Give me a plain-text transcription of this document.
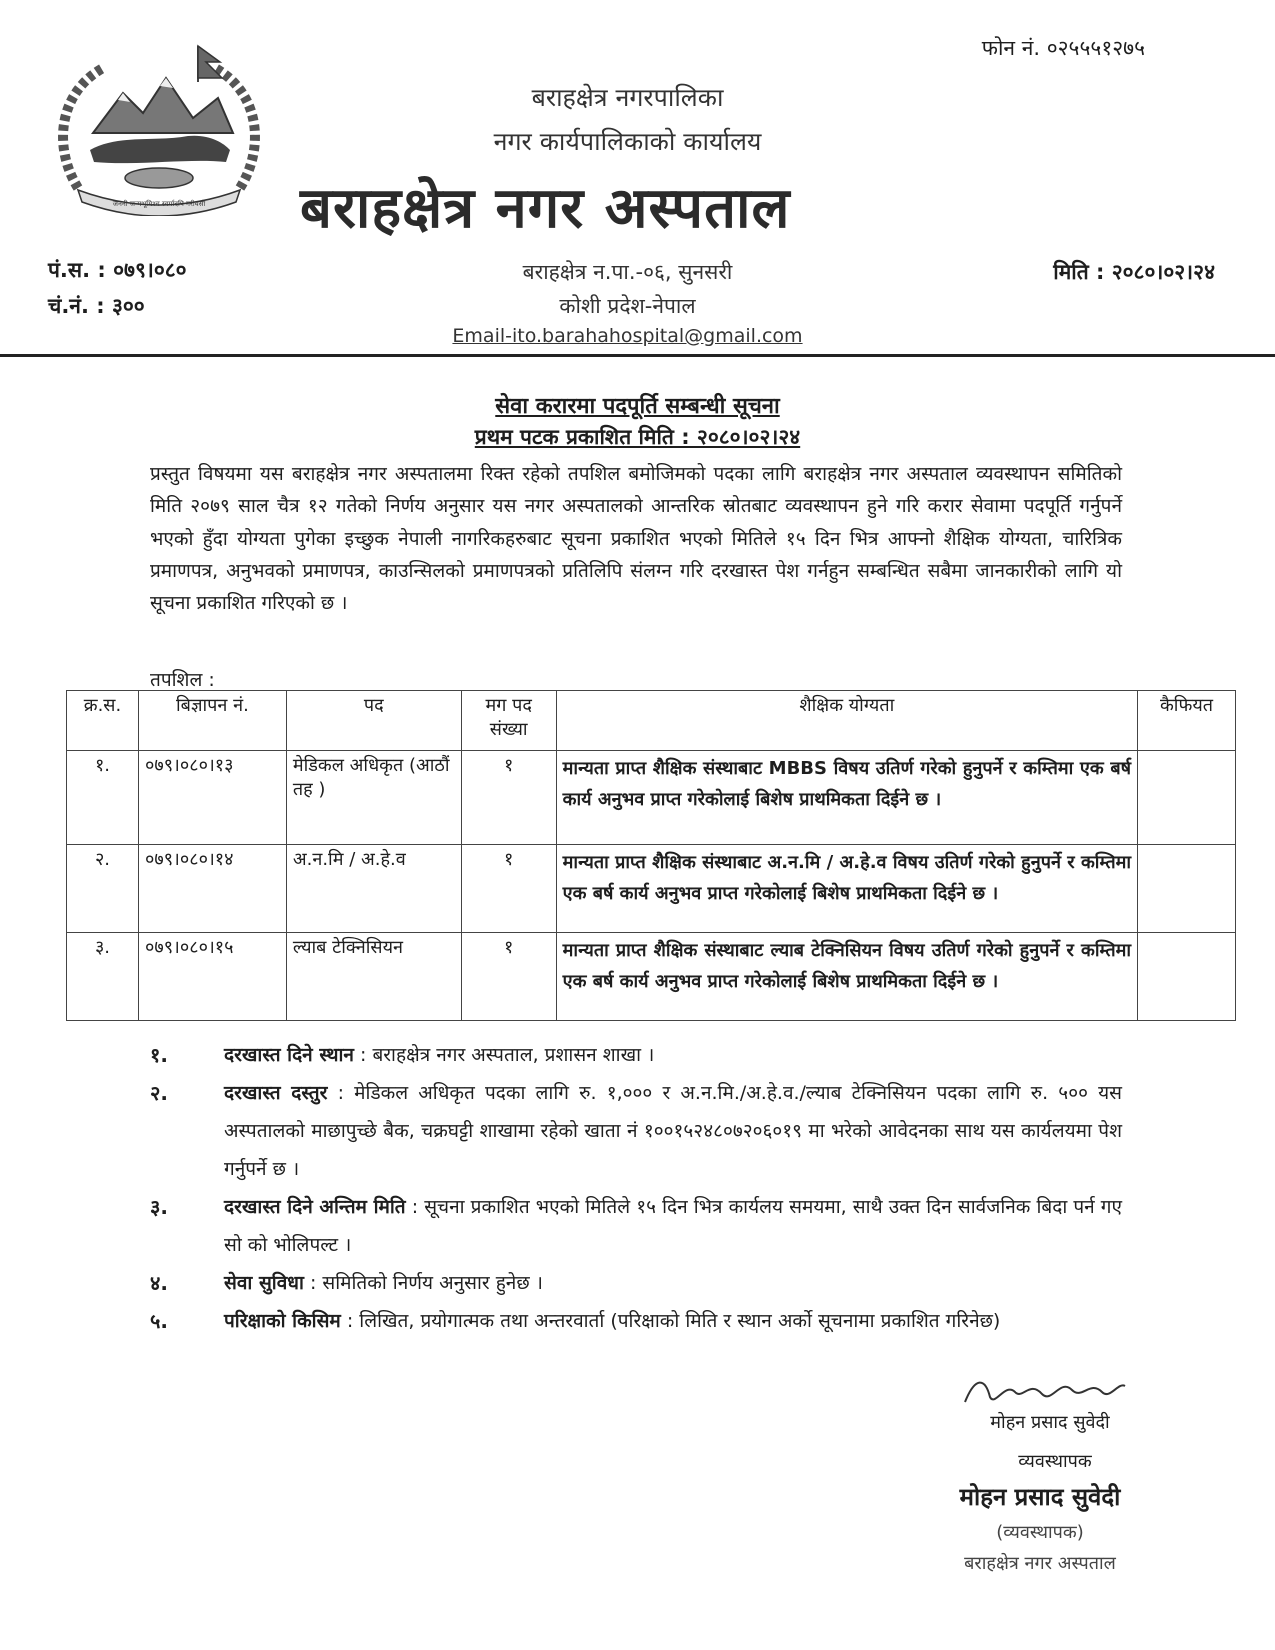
जननी जन्मभूमिश्च स्वर्गादपि गरीयसी
फोन नं. ०२५५५१२७५
बराहक्षेत्र नगरपालिका
नगर कार्यपालिकाको कार्यालय
बराहक्षेत्र नगर अस्पताल
बराहक्षेत्र न.पा.-०६, सुनसरी
कोशी प्रदेश-नेपाल
Email-ito.barahahospital@gmail.com
पं.स. : ०७९।०८०
चं.नं. : ३००
मिति : २०८०।०२।२४
सेवा करारमा पदपूर्ति सम्बन्धी सूचना
प्रथम पटक प्रकाशित मिति : २०८०।०२।२४
प्रस्तुत विषयमा यस बराहक्षेत्र नगर अस्पतालमा रिक्त रहेको तपशिल बमोजिमको पदका लागि बराहक्षेत्र नगर अस्पताल व्यवस्थापन समितिको मिति २०७९ साल चैत्र १२ गतेको निर्णय अनुसार यस नगर अस्पतालको आन्तरिक स्रोतबाट व्यवस्थापन हुने गरि करार सेवामा पदपूर्ति गर्नुपर्ने भएको हुँदा योग्यता पुगेका इच्छुक नेपाली नागरिकहरुबाट सूचना प्रकाशित भएको मितिले १५ दिन भित्र आफ्नो शैक्षिक योग्यता, चारित्रिक प्रमाणपत्र, अनुभवको प्रमाणपत्र, काउन्सिलको प्रमाणपत्रको प्रतिलिपि संलग्न गरि दरखास्त पेश गर्नहुन सम्बन्धित सबैमा जानकारीको लागि यो सूचना प्रकाशित गरिएको छ ।
तपशिल :
क्र.स.	बिज्ञापन नं.	पद	मग पद संख्या	शैक्षिक योग्यता	कैफियत
१.	०७९।०८०।१३	मेडिकल अधिकृत (आठौं तह )	१	मान्यता प्राप्त शैक्षिक संस्थाबाट MBBS विषय उतिर्ण गरेको हुनुपर्ने र कम्तिमा एक बर्ष कार्य अनुभव प्राप्त गरेकोलाई बिशेष प्राथमिकता दिईने छ ।	
२.	०७९।०८०।१४	अ.न.मि / अ.हे.व	१	मान्यता प्राप्त शैक्षिक संस्थाबाट अ.न.मि / अ.हे.व विषय उतिर्ण गरेको हुनुपर्ने र कम्तिमा एक बर्ष कार्य अनुभव प्राप्त गरेकोलाई बिशेष प्राथमिकता दिईने छ ।	
३.	०७९।०८०।१५	ल्याब टेक्निसियन	१	मान्यता प्राप्त शैक्षिक संस्थाबाट ल्याब टेक्निसियन विषय उतिर्ण गरेको हुनुपर्ने र कम्तिमा एक बर्ष कार्य अनुभव प्राप्त गरेकोलाई बिशेष प्राथमिकता दिईने छ ।	
१.	दरखास्त दिने स्थान : बराहक्षेत्र नगर अस्पताल, प्रशासन शाखा ।
२.	दरखास्त दस्तुर : मेडिकल अधिकृत पदका लागि रु. १,००० र अ.न.मि./अ.हे.व./ल्याब टेक्निसियन पदका लागि रु. ५०० यस अस्पतालको माछापुच्छे बैक, चक्रघट्टी शाखामा रहेको खाता नं १००१५२४८०७२०६०१९ मा भरेको आवेदनका साथ यस कार्यलयमा पेश गर्नुपर्ने छ ।
३.	दरखास्त दिने अन्तिम मिति : सूचना प्रकाशित भएको मितिले १५ दिन भित्र कार्यलय समयमा, साथै उक्त दिन सार्वजनिक बिदा पर्न गए सो को भोलिपल्ट ।
४.	सेवा सुविधा : समितिको निर्णय अनुसार हुनेछ ।
५.	परिक्षाको किसिम : लिखित, प्रयोगात्मक तथा अन्तरवार्ता (परिक्षाको मिति र स्थान अर्को सूचनामा प्रकाशित गरिनेछ)
मोहन प्रसाद सुवेदी
व्यवस्थापक
मोहन प्रसाद सुवेदी
(व्यवस्थापक)
बराहक्षेत्र नगर अस्पताल
